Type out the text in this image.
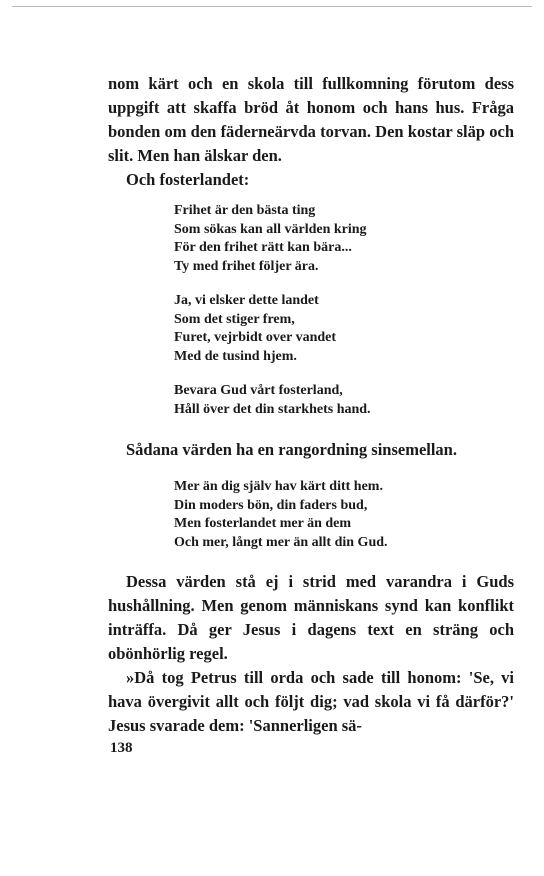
nom kärt och en skola till fullkomning förutom dess uppgift att skaffa bröd åt honom och hans hus. Fråga bonden om den fäderneärvda torvan. Den kostar släp och slit. Men han älskar den.

Och fosterlandet:

Frihet är den bästa ting
Som sökas kan all världen kring
För den frihet rätt kan bära...
Ty med frihet följer ära.
Ja, vi elsker dette landet
Som det stiger frem,
Furet, vejrbidt over vandet
Med de tusind hjem.
Bevara Gud vårt fosterland,
Håll över det din starkhets hand.

Sådana värden ha en rangordning sinsemellan.

Mer än dig själv hav kärt ditt hem.
Din moders bön, din faders bud,
Men fosterlandet mer än dem
Och mer, långt mer än allt din Gud.

Dessa värden stå ej i strid med varandra i Guds hushållning. Men genom människans synd kan konflikt inträffa. Då ger Jesus i dagens text en sträng och obönhörlig regel.

»Då tog Petrus till orda och sade till honom: 'Se, vi hava övergivit allt och följt dig; vad skola vi få därför?' Jesus svarade dem: 'Sannerligen sä-

138
